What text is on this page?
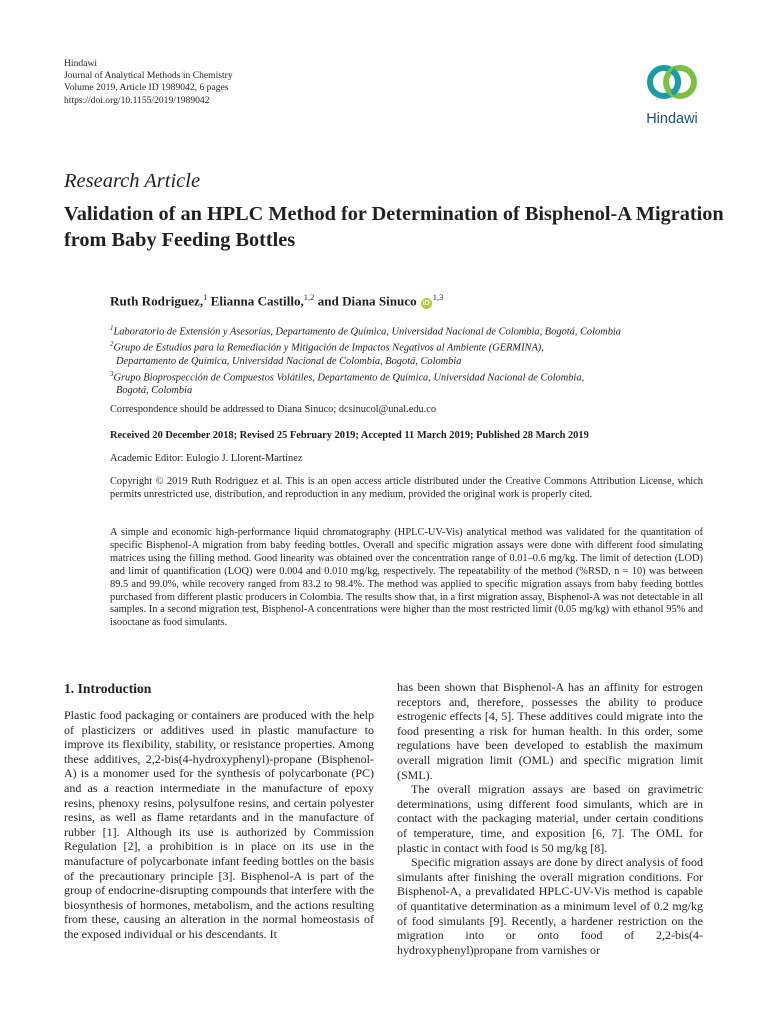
Hindawi
Journal of Analytical Methods in Chemistry
Volume 2019, Article ID 1989042, 6 pages
https://doi.org/10.1155/2019/1989042
Hindawi
Research Article
Validation of an HPLC Method for Determination of Bisphenol-A Migration from Baby Feeding Bottles
Ruth Rodriguez,$^1$ Elianna Castillo,$^{1,2}$ and Diana Sinuco iD$^{1,3}$
$^1$Laboratorio de Extensión y Asesorías, Departamento de Química, Universidad Nacional de Colombia, Bogotá, Colombia
$^2$Grupo de Estudios para la Remediación y Mitigación de Impactos Negativos al Ambiente (GERMINA),
Departamento de Química, Universidad Nacional de Colombia, Bogotá, Colombia
$^3$Grupo Bioprospección de Compuestos Volátiles, Departamento de Química, Universidad Nacional de Colombia,
Bogotá, Colombia
Correspondence should be addressed to Diana Sinuco; dcsinucol@unal.edu.co
Received 20 December 2018; Revised 25 February 2019; Accepted 11 March 2019; Published 28 March 2019
Academic Editor: Eulogio J. Llorent-Martínez

Copyright © 2019 Ruth Rodriguez et al. This is an open access article distributed under the Creative Commons Attribution License, which permits unrestricted use, distribution, and reproduction in any medium, provided the original work is properly cited.

A simple and economic high-performance liquid chromatography (HPLC-UV-Vis) analytical method was validated for the quantitation of specific Bisphenol-A migration from baby feeding bottles. Overall and specific migration assays were done with different food simulating matrices using the filling method. Good linearity was obtained over the concentration range of 0.01–0.6 mg/kg. The limit of detection (LOD) and limit of quantification (LOQ) were 0.004 and 0.010 mg/kg, respectively. The repeatability of the method (%RSD, n = 10) was between 89.5 and 99.0%, while recovery ranged from 83.2 to 98.4%. The method was applied to specific migration assays from baby feeding bottles purchased from different plastic producers in Colombia. The results show that, in a first migration assay, Bisphenol-A was not detectable in all samples. In a second migration test, Bisphenol-A concentrations were higher than the most restricted limit (0.05 mg/kg) with ethanol 95% and isooctane as food simulants.

1. Introduction

Plastic food packaging or containers are produced with the help of plasticizers or additives used in plastic manufacture to improve its flexibility, stability, or resistance properties. Among these additives, 2,2-bis(4-hydroxyphenyl)-propane (Bisphenol-A) is a monomer used for the synthesis of polycarbonate (PC) and as a reaction intermediate in the manufacture of epoxy resins, phenoxy resins, polysulfone resins, and certain polyester resins, as well as flame retardants and in the manufacture of rubber [1]. Although its use is authorized by Commission Regulation [2], a prohibition is in place on its use in the manufacture of polycarbonate infant feeding bottles on the basis of the precautionary principle [3]. Bisphenol-A is part of the group of endocrine-disrupting compounds that interfere with the biosynthesis of hormones, metabolism, and the actions resulting from these, causing an alteration in the normal homeostasis of the exposed individual or his descendants. It

has been shown that Bisphenol-A has an affinity for estrogen receptors and, therefore, possesses the ability to produce estrogenic effects [4, 5]. These additives could migrate into the food presenting a risk for human health. In this order, some regulations have been developed to establish the maximum overall migration limit (OML) and specific migration limit (SML).

The overall migration assays are based on gravimetric determinations, using different food simulants, which are in contact with the packaging material, under certain conditions of temperature, time, and exposition [6, 7]. The OML for plastic in contact with food is 50 mg/kg [8].

Specific migration assays are done by direct analysis of food simulants after finishing the overall migration conditions. For Bisphenol-A, a prevalidated HPLC-UV-Vis method is capable of quantitative determination as a minimum level of 0.2 mg/kg of food simulants [9]. Recently, a hardener restriction on the migration into or onto food of 2,2-bis(4-hydroxyphenyl)propane from varnishes or
